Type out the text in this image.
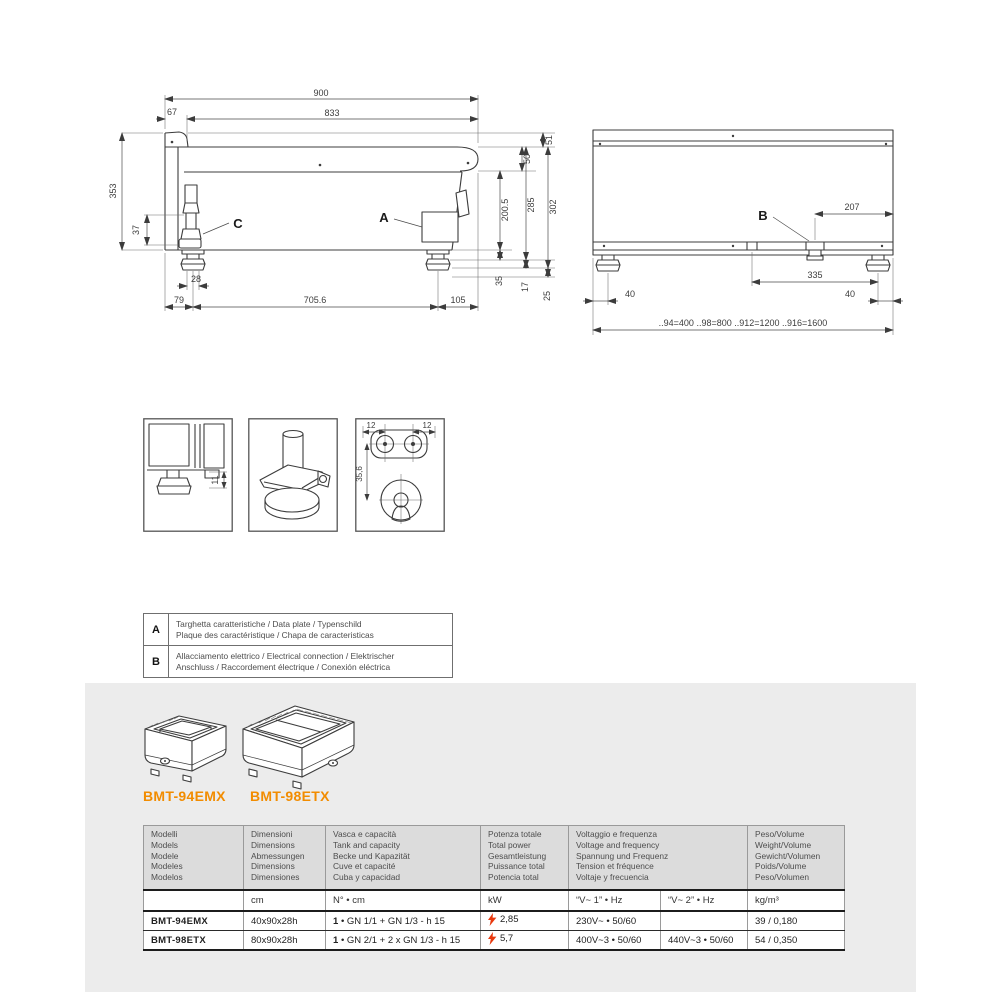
900
833
67
353
37
28
79	705.6	105
51
50
200.5 285 302
35
17
25
A
C
207
335
40	40
..94=400 ..98=800 ..912=1200 ..916=1600
B
11
12	12
35,6
A	Targhetta caratteristiche / Data plate / Typenschild
Plaque des caractéristique / Chapa de caracteristicas

B	Allacciamento elettrico / Electrical connection / Elektrischer
Anschluss / Raccordement électrique / Conexión eléctrica
BMT-94EMX BMT-98ETX
Modelli
Models
Modele
Modeles
Modelos	Dimensioni
Dimensions
Abmessungen
Dimensions
Dimensiones	Vasca e capacità
Tank and capacity
Becke und Kapazität
Cuve et capacité
Cuba y capacidad	Potenza totale
Total power
Gesamtleistung
Puissance total
Potencia total	Voltaggio e frequenza
Voltage and frequency
Spannung und Frequenz
Tension et fréquence
Voltaje y frecuencia		Peso/Volume
Weight/Volume
Gewicht/Volumen
Poids/Volume
Peso/Volumen

	cm	N° • cm	kW	“V~ 1” • Hz	“V~ 2” • Hz	kg/m³
BMT-94EMX	40x90x28h	1 • GN 1/1 + GN 1/3 - h 15	2,85	230V~ • 50/60		39 / 0,180
BMT-98ETX	80x90x28h	1 • GN 2/1 + 2 x GN 1/3 - h 15	5,7	400V~3 • 50/60	440V~3 • 50/60	54 / 0,350
